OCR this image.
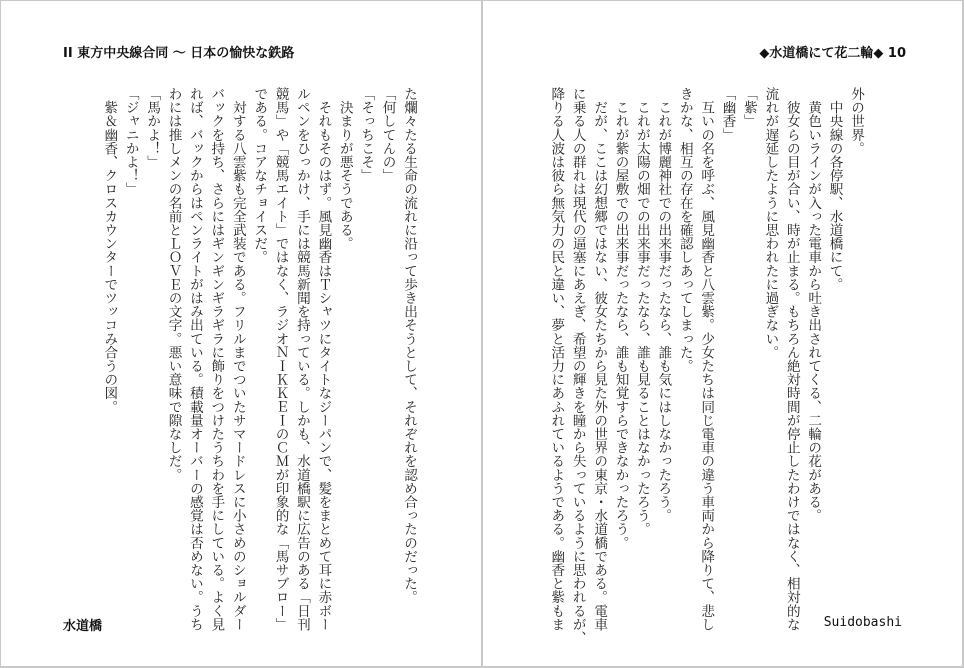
II 東方中央線合同 〜 日本の愉快な鉄路
た爛々たる生命の流れに沿って歩き出そうとして、それぞれを認め合ったのだった。
「何してんの」
「そっちこそ」
　決まりが悪そうである。
　それもそのはず。風見幽香はＴシャツにタイトなジーパンで、髪をまとめて耳に赤ボー
ルペンをひっかけ、手には競馬新聞を持っている。しかも、水道橋駅に広告のある「日刊
競馬」や「競馬エイト」ではなく、ラジオＮＩＫＫＥＩのＣＭが印象的な「馬サブロー」
である。コアなチョイスだ。
　対する八雲紫も完全武装である。フリルまでついたサマードレスに小さめのショルダー
バックを持ち、さらにはギンギンギラギラに飾りをつけたうちわを手にしている。よく見
れば、バックからはペンライトがはみ出ている。積載量オーバーの感覚は否めない。うち
わには推しメンの名前とＬＯＶＥの文字。悪い意味で隙なしだ。
「馬かよ！」
「ジャニかよ！」
　紫＆幽香、クロスカウンターでツッコみ合うの図。
水道橋
◆水道橋にて花二輪◆ 10
外の世界。
　中央線の各停駅、水道橋にて。
　黄色いラインが入った電車から吐き出されてくる、二輪の花がある。
　彼女らの目が合い、時が止まる。もちろん絶対時間が停止したわけではなく、相対的な
流れが遅延したように思われたに過ぎない。
「紫」
「幽香」
　互いの名を呼ぶ、風見幽香と八雲紫。少女たちは同じ電車の違う車両から降りて、悲し
きかな、相互の存在を確認しあってしまった。
　これが博麗神社での出来事だったなら、誰も気にはしなかったろう。
　これが太陽の畑での出来事だったなら、誰も見ることはなかったろう。
　これが紫の屋敷での出来事だったなら、誰も知覚すらできなかったろう。
　だが、ここは幻想郷ではない、彼女たちから見た外の世界の東京・水道橋である。電車
に乗る人の群れは現代の逼塞にあえぎ、希望の輝きを瞳から失っているように思われるが、
降りる人波は彼ら無気力の民と違い、夢と活力にあふれているようである。幽香と紫もま	Suidobashi
